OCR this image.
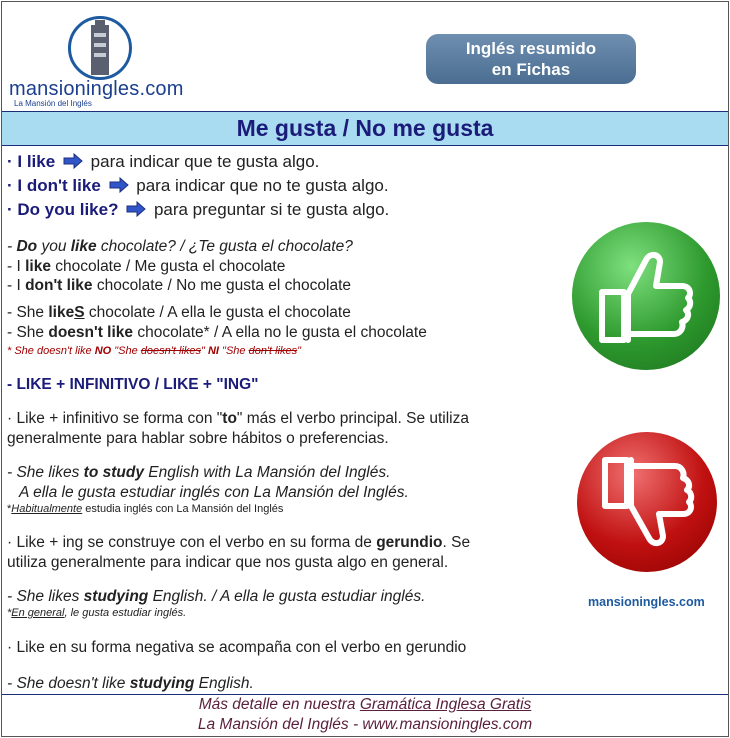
mansioningles.com
La Mansión del Inglés
Inglés resumido
en Fichas
Me gusta / No me gusta
· I like para indicar que te gusta algo.
· I don't like para indicar que no te gusta algo.
· Do you like? para preguntar si te gusta algo.
- Do you like chocolate? / ¿Te gusta el chocolate?
- I like chocolate / Me gusta el chocolate
- I don't like chocolate / No me gusta el chocolate
- She likeS chocolate / A ella le gusta el chocolate
- She doesn't like chocolate* / A ella no le gusta el chocolate
* She doesn't like NO "She doesn't likes" NI "She don't likes"
- LIKE + INFINITIVO / LIKE + "ING"
· Like + infinitivo se forma con "to" más el verbo principal. Se utiliza
generalmente para hablar sobre hábitos o preferencias.
- She likes to study English with La Mansión del Inglés.
A ella le gusta estudiar inglés con La Mansión del Inglés.
*Habitualmente estudia inglés con La Mansión del Inglés
· Like + ing se construye con el verbo en su forma de gerundio. Se
utiliza generalmente para indicar que nos gusta algo en general.
- She likes studying English. / A ella le gusta estudiar inglés.
*En general, le gusta estudiar inglés.
· Like en su forma negativa se acompaña con el verbo en gerundio
- She doesn't like studying English.
mansioningles.com
Más detalle en nuestra Gramática Inglesa Gratis
La Mansión del Inglés - www.mansioningles.com
